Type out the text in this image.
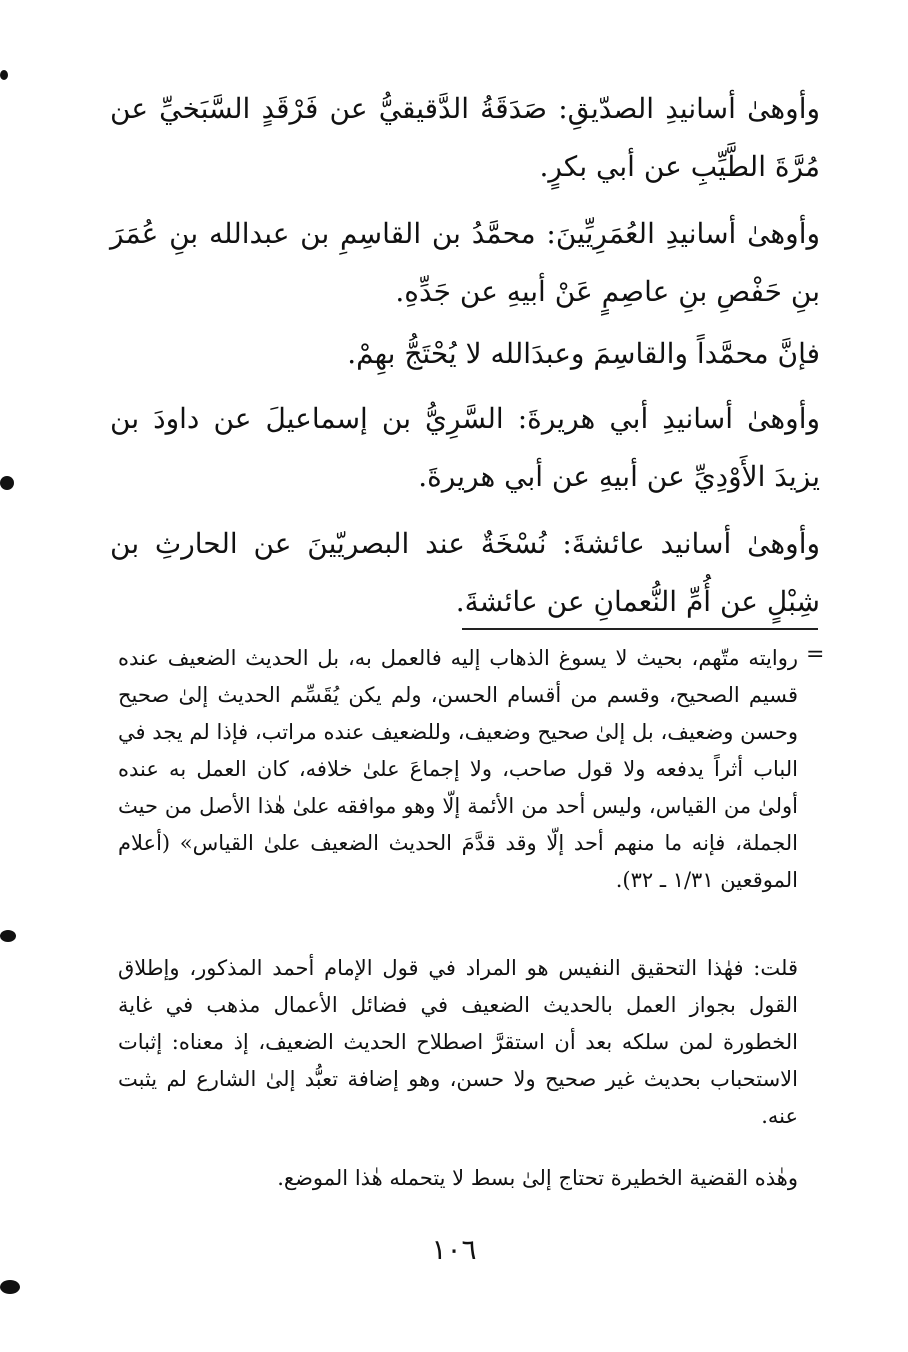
وأوهىٰ أسانيدِ الصدّيقِ: صَدَقَةُ الدَّقيقيُّ عن فَرْقَدٍ السَّبَخيِّ عن مُرَّةَ الطَّيِّبِ عن أبي بكرٍ.

وأوهىٰ أسانيدِ العُمَرِيِّينَ: محمَّدُ بن القاسِمِ بن عبدالله بنِ عُمَرَ بنِ حَفْصِ بنِ عاصِمٍ عَنْ أبيهِ عن جَدِّهِ.

فإنَّ محمَّداً والقاسِمَ وعبدَالله لا يُحْتَجُّ بهِمْ.

وأوهىٰ أسانيدِ أبي هريرةَ: السَّرِيُّ بن إسماعيلَ عن داودَ بن يزيدَ الأَوْدِيِّ عن أبيهِ عن أبي هريرةَ.

وأوهىٰ أسانيد عائشةَ: نُسْخَةٌ عند البصريّينَ عن الحارثِ بن شِبْلٍ عن أُمِّ النُّعمانِ عن عائشةَ.

=

روايته متّهم، بحيث لا يسوغ الذهاب إليه فالعمل به، بل الحديث الضعيف عنده قسيم الصحيح، وقسم من أقسام الحسن، ولم يكن يُقَسِّم الحديث إلىٰ صحيح وحسن وضعيف، بل إلىٰ صحيح وضعيف، وللضعيف عنده مراتب، فإذا لم يجد في الباب أثراً يدفعه ولا قول صاحب، ولا إجماعَ علىٰ خلافه، كان العمل به عنده أولىٰ من القياس، وليس أحد من الأئمة إلّا وهو موافقه علىٰ هٰذا الأصل من حيث الجملة، فإنه ما منهم أحد إلّا وقد قدَّمَ الحديث الضعيف علىٰ القياس» (أعلام الموقعين ١/٣١ ـ ٣٢).

قلت: فهٰذا التحقيق النفيس هو المراد في قول الإمام أحمد المذكور، وإطلاق القول بجواز العمل بالحديث الضعيف في فضائل الأعمال مذهب في غاية الخطورة لمن سلكه بعد أن استقرَّ اصطلاح الحديث الضعيف، إذ معناه: إثبات الاستحباب بحديث غير صحيح ولا حسن، وهو إضافة تعبُّد إلىٰ الشارع لم يثبت عنه.

وهٰذه القضية الخطيرة تحتاج إلىٰ بسط لا يتحمله هٰذا الموضع.

١٠٦
